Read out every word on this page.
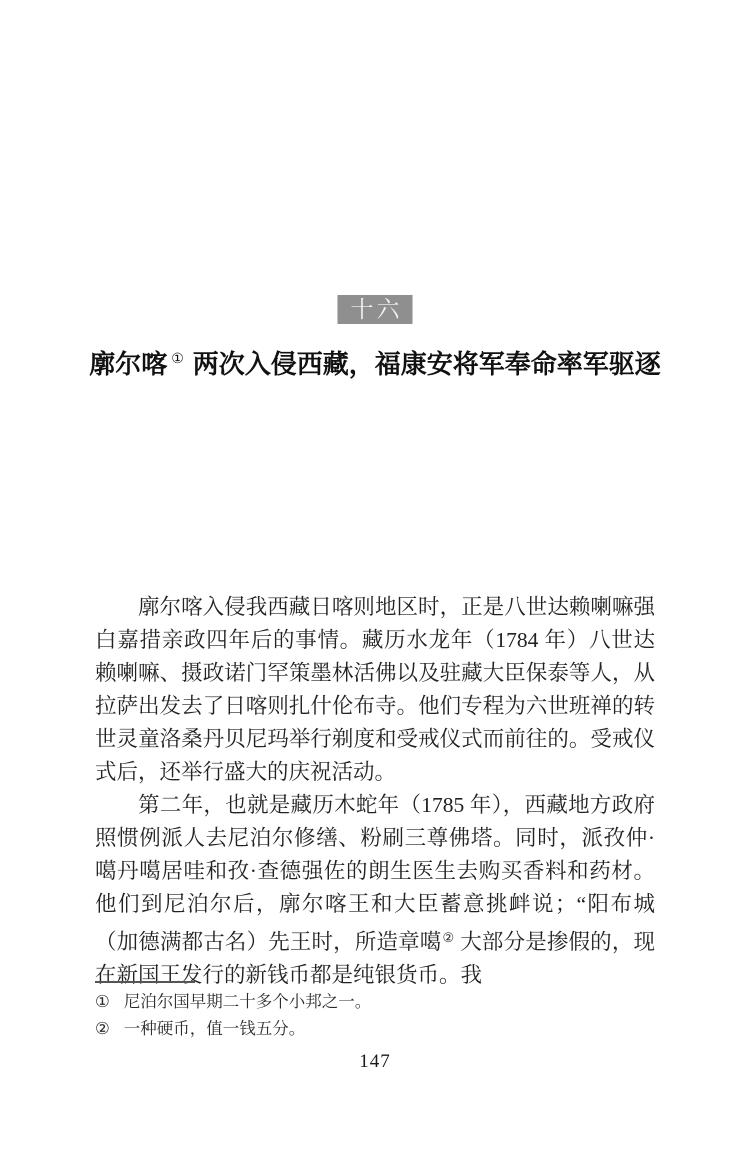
十六
廓尔喀 ① 两次入侵西藏，福康安将军奉命率军驱逐

廓尔喀入侵我西藏日喀则地区时，正是八世达赖喇嘛强白嘉措亲政四年后的事情。藏历水龙年（1784 年）八世达赖喇嘛、摄政诺门罕策墨林活佛以及驻藏大臣保泰等人，从拉萨出发去了日喀则扎什伦布寺。他们专程为六世班禅的转世灵童洛桑丹贝尼玛举行剃度和受戒仪式而前往的。受戒仪式后，还举行盛大的庆祝活动。

第二年，也就是藏历木蛇年（1785 年），西藏地方政府照惯例派人去尼泊尔修缮、粉刷三尊佛塔。同时，派孜仲·噶丹噶居哇和孜·查德强佐的朗生医生去购买香料和药材。他们到尼泊尔后，廓尔喀王和大臣蓄意挑衅说；“阳布城（加德满都古名）先王时，所造章噶② 大部分是掺假的，现在新国王发行的新钱币都是纯银货币。我

① 尼泊尔国早期二十多个小邦之一。
② 一种硬币，值一钱五分。
147
